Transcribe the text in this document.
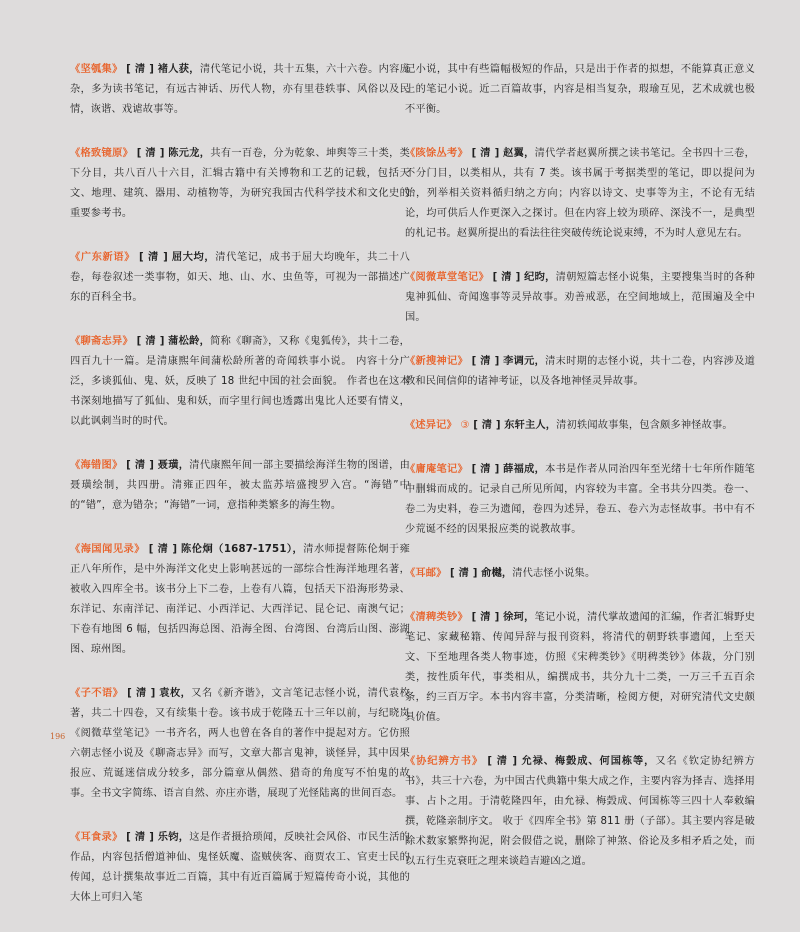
《坚瓠集》 [ 清 ] 褚人获，清代笔记小说，共十五集，六十六卷。内容庞杂，多为读书笔记，有远古神话、历代人物，亦有里巷轶事、风俗以及民情，诙谐、戏谑故事等。

《格致镜原》 [ 清 ] 陈元龙，共有一百卷，分为乾象、坤舆等三十类，类下分目，共八百八十六目，汇辑古籍中有关博物和工艺的记载，包括天文、地理、建筑、器用、动植物等，为研究我国古代科学技术和文化史的重要参考书。

《广东新语》 [ 清 ] 屈大均，清代笔记，成书于屈大均晚年，共二十八卷，每卷叙述一类事物，如天、地、山、水、虫鱼等，可视为一部描述广东的百科全书。

《聊斋志异》 [ 清 ] 蒲松龄，简称《聊斋》，又称《鬼狐传》，共十二卷，四百九十一篇。是清康熙年间蒲松龄所著的奇闻轶事小说。 内容十分广泛，多谈狐仙、鬼、妖，反映了 18 世纪中国的社会面貌。 作者也在这本书深刻地描写了狐仙、鬼和妖，而字里行间也透露出鬼比人还要有情义，以此讽刺当时的时代。

《海错图》 [ 清 ] 聂璜，清代康熙年间一部主要描绘海洋生物的图谱，由聂璜绘制，共四册。清雍正四年，被太监苏培盛搜罗入宫。“海错”中的“错”，意为错杂；“海错”一词，意指种类繁多的海生物。

《海国闻见录》 [ 清 ] 陈伦炯（1687-1751），清水师提督陈伦炯于雍正八年所作，是中外海洋文化史上影响甚远的一部综合性海洋地理名著，被收入四库全书。该书分上下二卷，上卷有八篇，包括天下沿海形势录、东洋记、东南洋记、南洋记、小西洋记、大西洋记、昆仑记、南澳气记；下卷有地图 6 幅，包括四海总图、沿海全图、台湾图、台湾后山图、澎湖图、琼州图。

《子不语》 [ 清 ] 袁枚，又名《新齐谐》，文言笔记志怪小说，清代袁枚著，共二十四卷，又有续集十卷。该书成于乾隆五十三年以前，与纪晓岚《阅微草堂笔记》一书齐名，两人也曾在各自的著作中提起对方。它仿照六朝志怪小说及《聊斋志异》而写，文章大都言鬼神，谈怪异，其中因果报应、荒诞迷信成分较多，部分篇章从偶然、猎奇的角度写不怕鬼的故事。全书文字简练、语言自然、亦庄亦谐，展现了光怪陆离的世间百态。

《耳食录》 [ 清 ] 乐钧，这是作者摄拾琐闻，反映社会风俗、市民生活的作品，内容包括僧道神仙、鬼怪妖魔、盗贼侠客、商贾农工、官吏士民的传闻，总计撰集故事近二百篇，其中有近百篇属于短篇传奇小说，其他的大体上可归入笔

记小说，其中有些篇幅极短的作品，只是出于作者的拟想，不能算真正意义上的笔记小说。近二百篇故事，内容是相当复杂，瑕瑜互见，艺术成就也极不平衡。

《陔馀丛考》 [ 清 ] 赵翼，清代学者赵翼所撰之读书笔记。全书四十三卷，不分门目，以类相从，共有 7 类。该书属于考据类型的笔记，即以提问为始，列举相关资料循归纳之方向；内容以诗文、史事等为主，不论有无结论，均可供后人作更深入之探讨。但在内容上较为琐碎、深浅不一，是典型的札记书。赵翼所提出的看法往往突破传统论说束缚，不为时人意见左右。

《阅微草堂笔记》 [ 清 ] 纪昀，清朝短篇志怪小说集，主要搜集当时的各种鬼神狐仙、奇闻逸事等灵异故事。劝善戒恶，在空间地域上，范围遍及全中国。

《新搜神记》 [ 清 ] 李调元，清末时期的志怪小说，共十二卷，内容涉及道教和民间信仰的诸神考证，以及各地神怪灵异故事。

《述异记》 ③ [ 清 ] 东轩主人，清初轶闻故事集，包含颇多神怪故事。

《庸庵笔记》 [ 清 ] 薛福成，本书是作者从同治四年至光绪十七年所作随笔中删辑而成的。记录自己所见所闻，内容较为丰富。全书共分四类。卷一、卷二为史料，卷三为遗闻，卷四为述异，卷五、卷六为志怪故事。书中有不少荒诞不经的因果报应类的说教故事。

《耳邮》 [ 清 ] 俞樾，清代志怪小说集。

《清稗类钞》 [ 清 ] 徐珂，笔记小说，清代掌故遗闻的汇编，作者汇辑野史笔记、家藏秘籍、传闻异辞与报刊资料，将清代的朝野轶事遗闻，上至天文、下至地理各类人物事迹，仿照《宋稗类钞》《明稗类钞》体裁，分门别类，按性质年代，事类相从，编撰成书，共分九十二类，一万三千五百余条，约三百万字。本书内容丰富，分类清晰，检阅方便，对研究清代文史颇具价值。

《协纪辨方书》 [ 清 ] 允禄、梅瑴成、何国栋等，又名《钦定协纪辨方书》，共三十六卷，为中国古代典籍中集大成之作，主要内容为择吉、选择用事、占卜之用。于清乾隆四年，由允禄、梅瑴成、何国栋等三四十人奉敕编撰，乾隆亲制序文。 收于《四库全书》第 811 册（子部）。其主要内容是破除术数家繁弊拘泥，附会假借之说，删除了神煞、俗论及多相矛盾之处，而以五行生克衰旺之理来谈趋吉避凶之道。

196
